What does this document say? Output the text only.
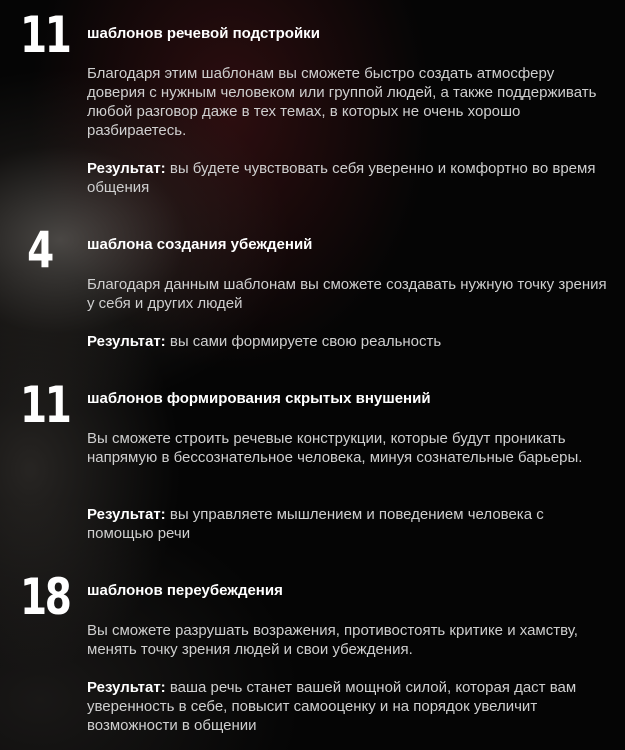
11 шаблонов речевой подстройки
Благодаря этим шаблонам вы сможете быстро создать атмосферу доверия с нужным человеком или группой людей, а также поддерживать любой разговор даже в тех темах, в которых не очень хорошо разбираетесь.
Результат: вы будете чувствовать себя уверенно и комфортно во время общения
4	шаблона создания убеждений
Благодаря данным шаблонам вы сможете создавать нужную точку зрения у себя и других людей
Результат: вы сами формируете свою реальность
11 шаблонов формирования скрытых внушений
Вы сможете строить речевые конструкции, которые будут проникать напрямую в бессознательное человека, минуя сознательные барьеры.
Результат: вы управляете мышлением и поведением человека с помощью речи
18 шаблонов переубеждения
Вы сможете разрушать возражения, противостоять критике и хамству, менять точку зрения людей и свои убеждения.
Результат: ваша речь станет вашей мощной силой, которая даст вам уверенность в себе, повысит самооценку и на порядок увеличит возможности в общении
